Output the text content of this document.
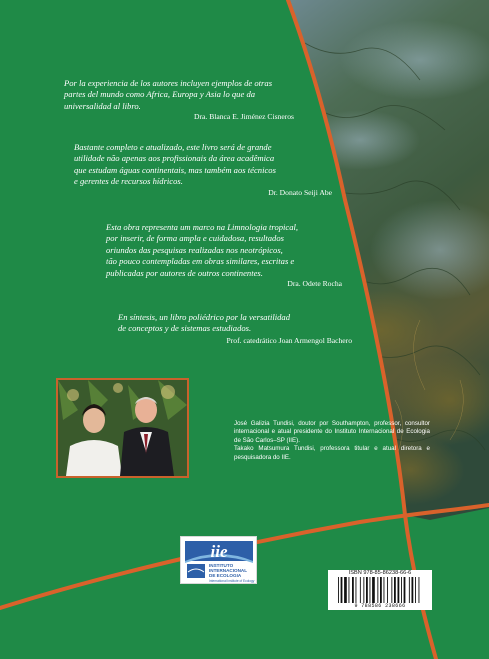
Por la experiencia de los autores incluyen ejemplos de otras
partes del mundo como Africa, Europa y Asia lo que da
universalidad al libro.

Dra. Blanca E. Jiménez Cisneros

Bastante completo e atualizado, este livro será de grande
utilidade não apenas aos profissionais da área acadêmica
que estudam águas continentais, mas também aos técnicos
e gerentes de recursos hídricos.

Dr. Donato Seiji Abe

Esta obra representa um marco na Limnologia tropical,
por inserir, de forma ampla e cuidadosa, resultados
oriundos das pesquisas realizadas nos neotrópicos,
tão pouco contempladas em obras similares, escritas e
publicadas por autores de outros continentes.

Dra. Odete Rocha

En síntesis, un libro poliédrico por la versatilidad
de conceptos y de sistemas estudiados.

Prof. catedrático Joan Armengol Bachero

José Galizia Tundisi, doutor por Southampton, professor, consultor internacional e atual presidente do Instituto Internacional de Ecologia de São Carlos–SP (IIE).
Takako Matsumura Tundisi, professora titular e atual diretora e pesquisadora do IIE.

iie
INSTITUTO
INTERNACIONAL
DE ECOLOGIA
International Institute of Ecology
ISBN 978-85-86238-66-6
9 788586 238666
